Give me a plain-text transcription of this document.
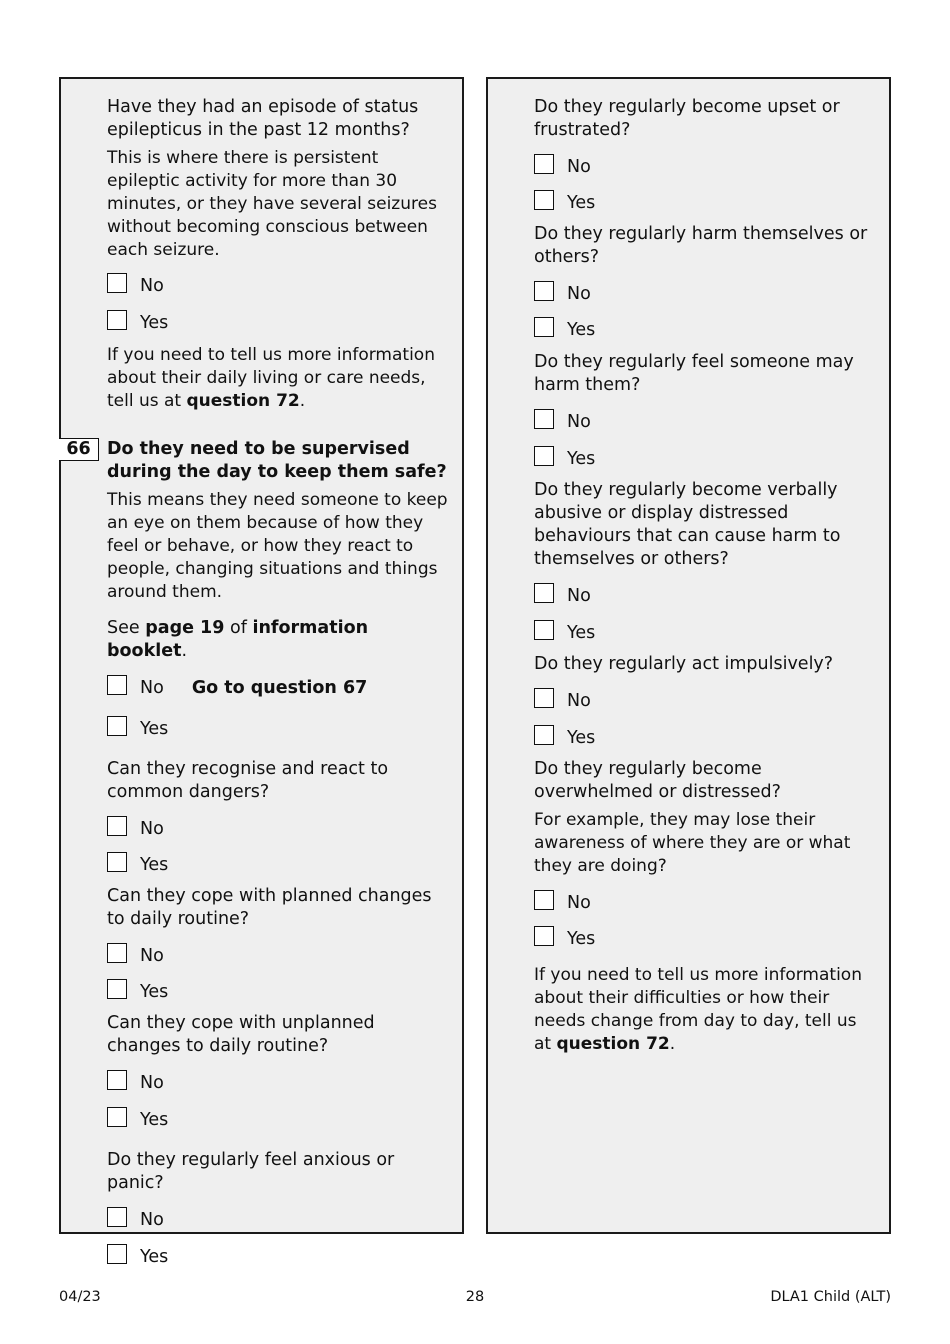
Have they had an episode of status epilepticus in the past 12 months?

This is where there is persistent epileptic activity for more than 30 minutes, or they have several seizures without becoming conscious between each seizure.

No
Yes

If you need to tell us more information about their daily living or care needs, tell us at question 72.

66 Do they need to be supervised during the day to keep them safe?

This means they need someone to keep an eye on them because of how they feel or behave, or how they react to people, changing situations and things around them.

See page 19 of information booklet.

No Go to question 67
Yes

Can they recognise and react to common dangers?

No
Yes

Can they cope with planned changes to daily routine?

No
Yes

Can they cope with unplanned changes to daily routine?

No
Yes

Do they regularly feel anxious or panic?

No
Yes

Do they regularly become upset or frustrated?

No
Yes

Do they regularly harm themselves or others?

No
Yes

Do they regularly feel someone may harm them?

No
Yes

Do they regularly become verbally abusive or display distressed behaviours that can cause harm to themselves or others?

No
Yes

Do they regularly act impulsively?

No
Yes

Do they regularly become overwhelmed or distressed?

For example, they may lose their awareness of where they are or what they are doing?

No
Yes

If you need to tell us more information about their difficulties or how their needs change from day to day, tell us at question 72.

04/23	28	DLA1 Child (ALT)
